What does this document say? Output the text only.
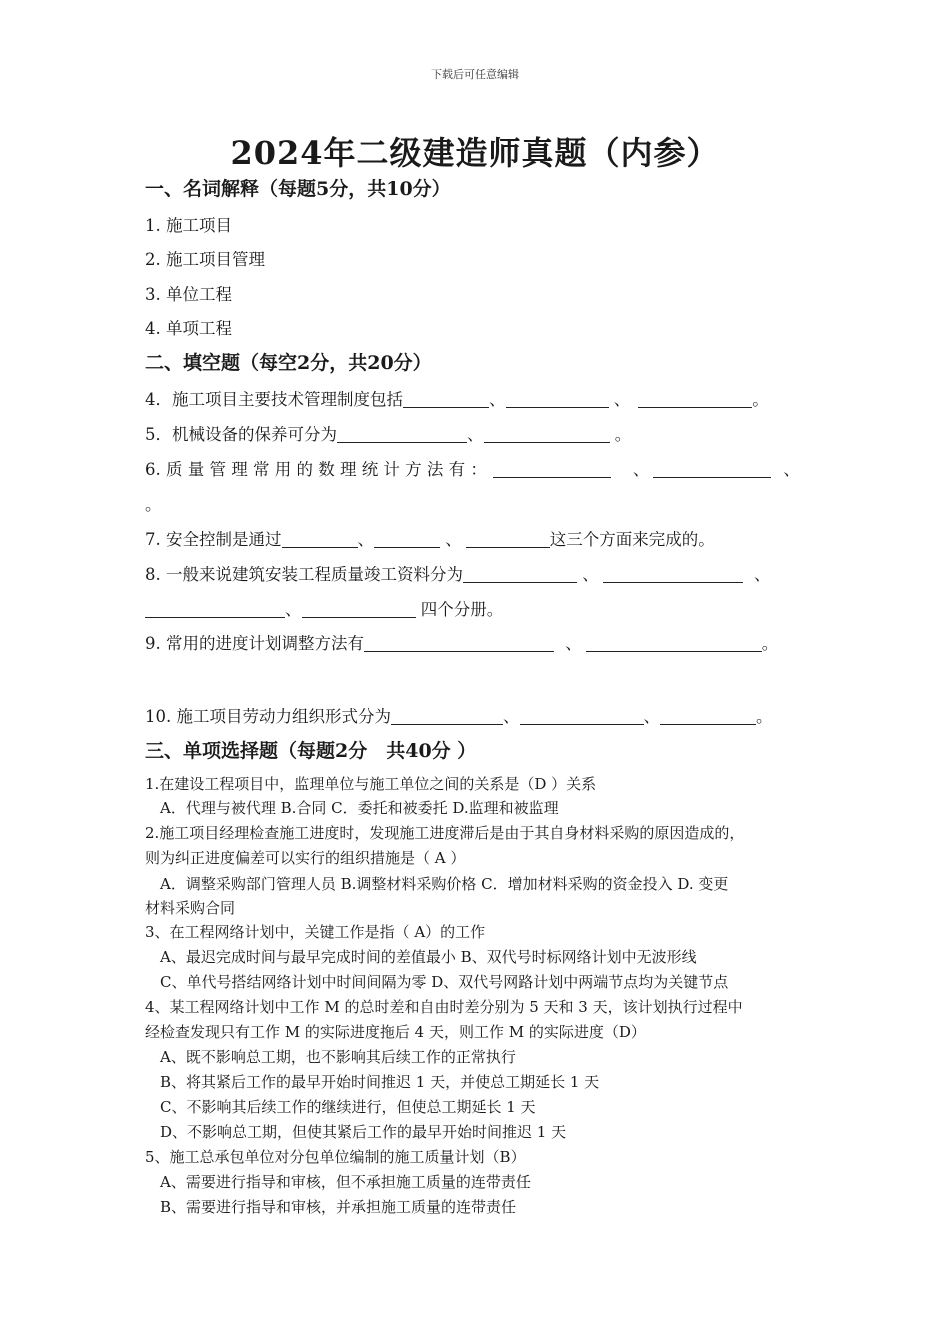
下载后可任意编辑
2024年二级建造师真题（内参）
一、名词解释（每题5分，共10分）
1. 施工项目
2. 施工项目管理
3. 单位工程
4. 单项工程
二、填空题（每空2分，共20分）
4．施工项目主要技术管理制度包括	、	、	。
5．机械设备的保养可分为	、	。
6. 质 量 管 理 常 用 的 数 理 统 计 方 法 有 ：	、	、
。
7. 安全控制是通过	、	、	这三个方面来完成的。
8. 一般来说建筑安装工程质量竣工资料分为	、	、
、	四个分册。
9. 常用的进度计划调整方法有	、	。
10. 施工项目劳动力组织形式分为	、	、	。
三、单项选择题（每题2分　共40分 ）
1.在建设工程项目中，监理单位与施工单位之间的关系是（D ）关系
A．代理与被代理 B.合同 C．委托和被委托 D.监理和被监理
2.施工项目经理检查施工进度时，发现施工进度滞后是由于其自身材料采购的原因造成的，
则为纠正进度偏差可以实行的组织措施是（ A ）
A．调整采购部门管理人员 B.调整材料采购价格 C．增加材料采购的资金投入 D. 变更
材料采购合同
3、在工程网络计划中，关键工作是指（ A）的工作
A、最迟完成时间与最早完成时间的差值最小 B、双代号时标网络计划中无波形线
C、单代号搭结网络计划中时间间隔为零 D、双代号网路计划中两端节点均为关键节点
4、某工程网络计划中工作 M 的总时差和自由时差分别为 5 天和 3 天，该计划执行过程中
经检查发现只有工作 M 的实际进度拖后 4 天，则工作 M 的实际进度（D）
A、既不影响总工期，也不影响其后续工作的正常执行
B、将其紧后工作的最早开始时间推迟 1 天，并使总工期延长 1 天
C、不影响其后续工作的继续进行，但使总工期延长 1 天
D、不影响总工期，但使其紧后工作的最早开始时间推迟 1 天
5、施工总承包单位对分包单位编制的施工质量计划（B）
A、需要进行指导和审核，但不承担施工质量的连带责任
B、需要进行指导和审核，并承担施工质量的连带责任
